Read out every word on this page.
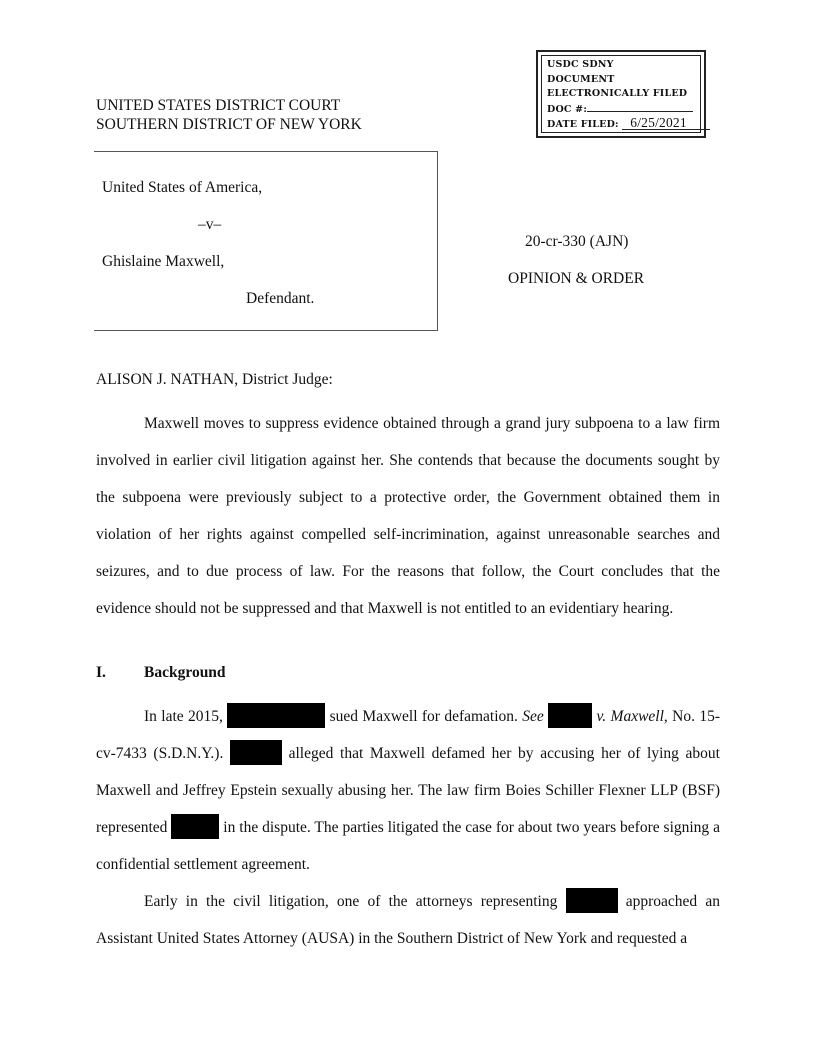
UNITED STATES DISTRICT COURT
SOUTHERN DISTRICT OF NEW YORK
USDC SDNY
DOCUMENT
ELECTRONICALLY FILED
DOC #:
DATE FILED: 6/25/2021
United States of America,
–v–
Ghislaine Maxwell,
Defendant.
20-cr-330 (AJN)
OPINION & ORDER
ALISON J. NATHAN, District Judge:

Maxwell moves to suppress evidence obtained through a grand jury subpoena to a law firm involved in earlier civil litigation against her. She contends that because the documents sought by the subpoena were previously subject to a protective order, the Government obtained them in violation of her rights against compelled self-incrimination, against unreasonable searches and seizures, and to due process of law. For the reasons that follow, the Court concludes that the evidence should not be suppressed and that Maxwell is not entitled to an evidentiary hearing.

I. Background

In late 2015,	sued Maxwell for defamation. See	v. Maxwell, No. 15-cv-7433 (S.D.N.Y.).	alleged that Maxwell defamed her by accusing her of lying about Maxwell and Jeffrey Epstein sexually abusing her. The law firm Boies Schiller Flexner LLP (BSF) represented	in the dispute. The parties litigated the case for about two years before signing a confidential settlement agreement.

Early in the civil litigation, one of the attorneys representing	approached an Assistant United States Attorney (AUSA) in the Southern District of New York and requested a
